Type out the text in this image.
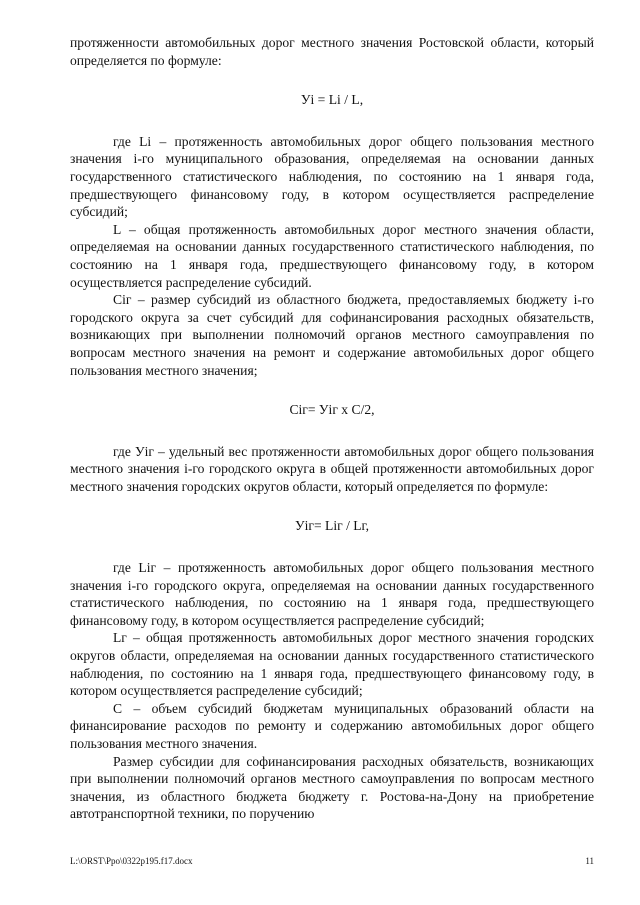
протяженности автомобильных дорог местного значения Ростовской области, который определяется по формуле:

Уi = Li / L,

где Li – протяженность автомобильных дорог общего пользования местного значения i-го муниципального образования, определяемая на основании данных государственного статистического наблюдения, по состоянию на 1 января года, предшествующего финансовому году, в котором осуществляется распределение субсидий;

L – общая протяженность автомобильных дорог местного значения области, определяемая на основании данных государственного статистического наблюдения, по состоянию на 1 января года, предшествующего финансовому году, в котором осуществляется распределение субсидий.

Ciг – размер субсидий из областного бюджета, предоставляемых бюджету i-го городского округа за счет субсидий для софинансирования расходных обязательств, возникающих при выполнении полномочий органов местного самоуправления по вопросам местного значения на ремонт и содержание автомобильных дорог общего пользования местного значения;

Ciг= Уiг х С/2,

где Уiг – удельный вес протяженности автомобильных дорог общего пользования местного значения i-го городского округа в общей протяженности автомобильных дорог местного значения городских округов области, который определяется по формуле:

Уiг= Liг / Lг,

где Liг – протяженность автомобильных дорог общего пользования местного значения i-го городского округа, определяемая на основании данных государственного статистического наблюдения, по состоянию на 1 января года, предшествующего финансовому году, в котором осуществляется распределение субсидий;

Lг – общая протяженность автомобильных дорог местного значения городских округов области, определяемая на основании данных государственного статистического наблюдения, по состоянию на 1 января года, предшествующего финансовому году, в котором осуществляется распределение субсидий;

С – объем субсидий бюджетам муниципальных образований области на финансирование расходов по ремонту и содержанию автомобильных дорог общего пользования местного значения.

Размер субсидии для софинансирования расходных обязательств, возникающих при выполнении полномочий органов местного самоуправления по вопросам местного значения, из областного бюджета бюджету г. Ростова-на-Дону на приобретение автотранспортной техники, по поручению

L:\ORST\Ppo\0322p195.f17.docx	11
